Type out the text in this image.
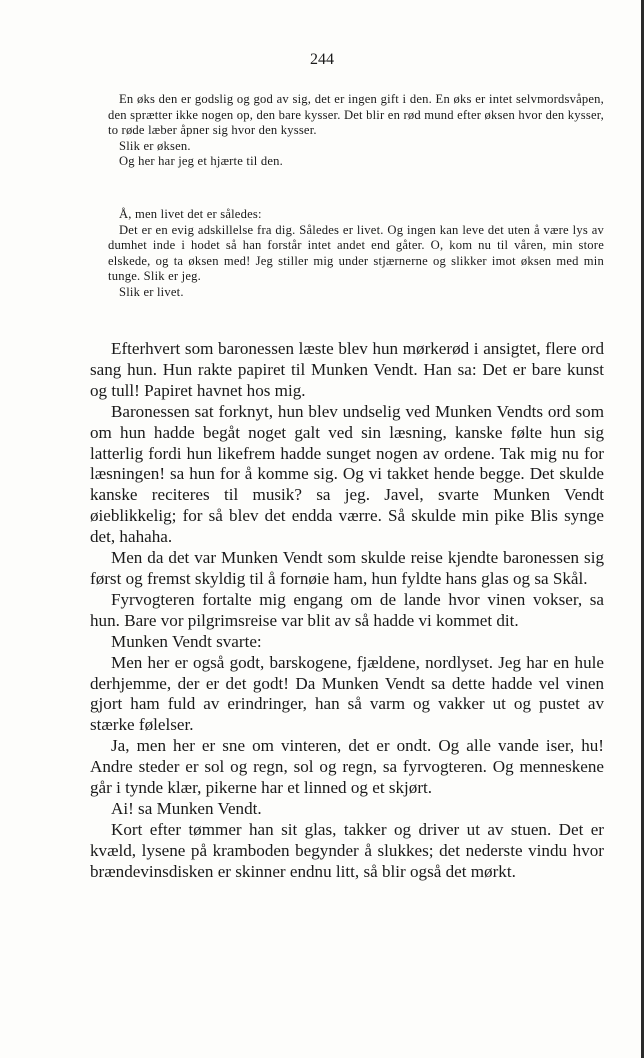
244

En øks den er godslig og god av sig, det er ingen gift i den. En øks er intet selvmordsvåpen, den sprætter ikke nogen op, den bare kysser. Det blir en rød mund efter øksen hvor den kysser, to røde læber åpner sig hvor den kysser.

Slik er øksen.

Og her har jeg et hjærte til den.

Å, men livet det er således:

Det er en evig adskillelse fra dig. Således er livet. Og ingen kan leve det uten å være lys av dumhet inde i hodet så han forstår intet andet end gåter. O, kom nu til våren, min store elskede, og ta øksen med! Jeg stiller mig under stjærnerne og slikker imot øksen med min tunge. Slik er jeg.

Slik er livet.

Efterhvert som baronessen læste blev hun mørkerød i ansigtet, flere ord sang hun. Hun rakte papiret til Munken Vendt. Han sa: Det er bare kunst og tull! Papiret havnet hos mig.

Baronessen sat forknyt, hun blev undselig ved Munken Vendts ord som om hun hadde begåt noget galt ved sin læsning, kanske følte hun sig latterlig fordi hun likefrem hadde sunget nogen av ordene. Tak mig nu for læsningen! sa hun for å komme sig. Og vi takket hende begge. Det skulde kanske reciteres til musik? sa jeg. Javel, svarte Munken Vendt øieblikkelig; for så blev det endda værre. Så skulde min pike Blis synge det, hahaha.

Men da det var Munken Vendt som skulde reise kjendte baronessen sig først og fremst skyldig til å fornøie ham, hun fyldte hans glas og sa Skål.

Fyrvogteren fortalte mig engang om de lande hvor vinen vokser, sa hun. Bare vor pilgrimsreise var blit av så hadde vi kommet dit.

Munken Vendt svarte:

Men her er også godt, barskogene, fjældene, nordlyset. Jeg har en hule derhjemme, der er det godt! Da Munken Vendt sa dette hadde vel vinen gjort ham fuld av erindringer, han så varm og vakker ut og pustet av stærke følelser.

Ja, men her er sne om vinteren, det er ondt. Og alle vande iser, hu! Andre steder er sol og regn, sol og regn, sa fyrvogteren. Og menneskene går i tynde klær, pikerne har et linned og et skjørt.

Ai! sa Munken Vendt.

Kort efter tømmer han sit glas, takker og driver ut av stuen. Det er kvæld, lysene på kramboden begynder å slukkes; det nederste vindu hvor brændevinsdisken er skinner endnu litt, så blir også det mørkt.
